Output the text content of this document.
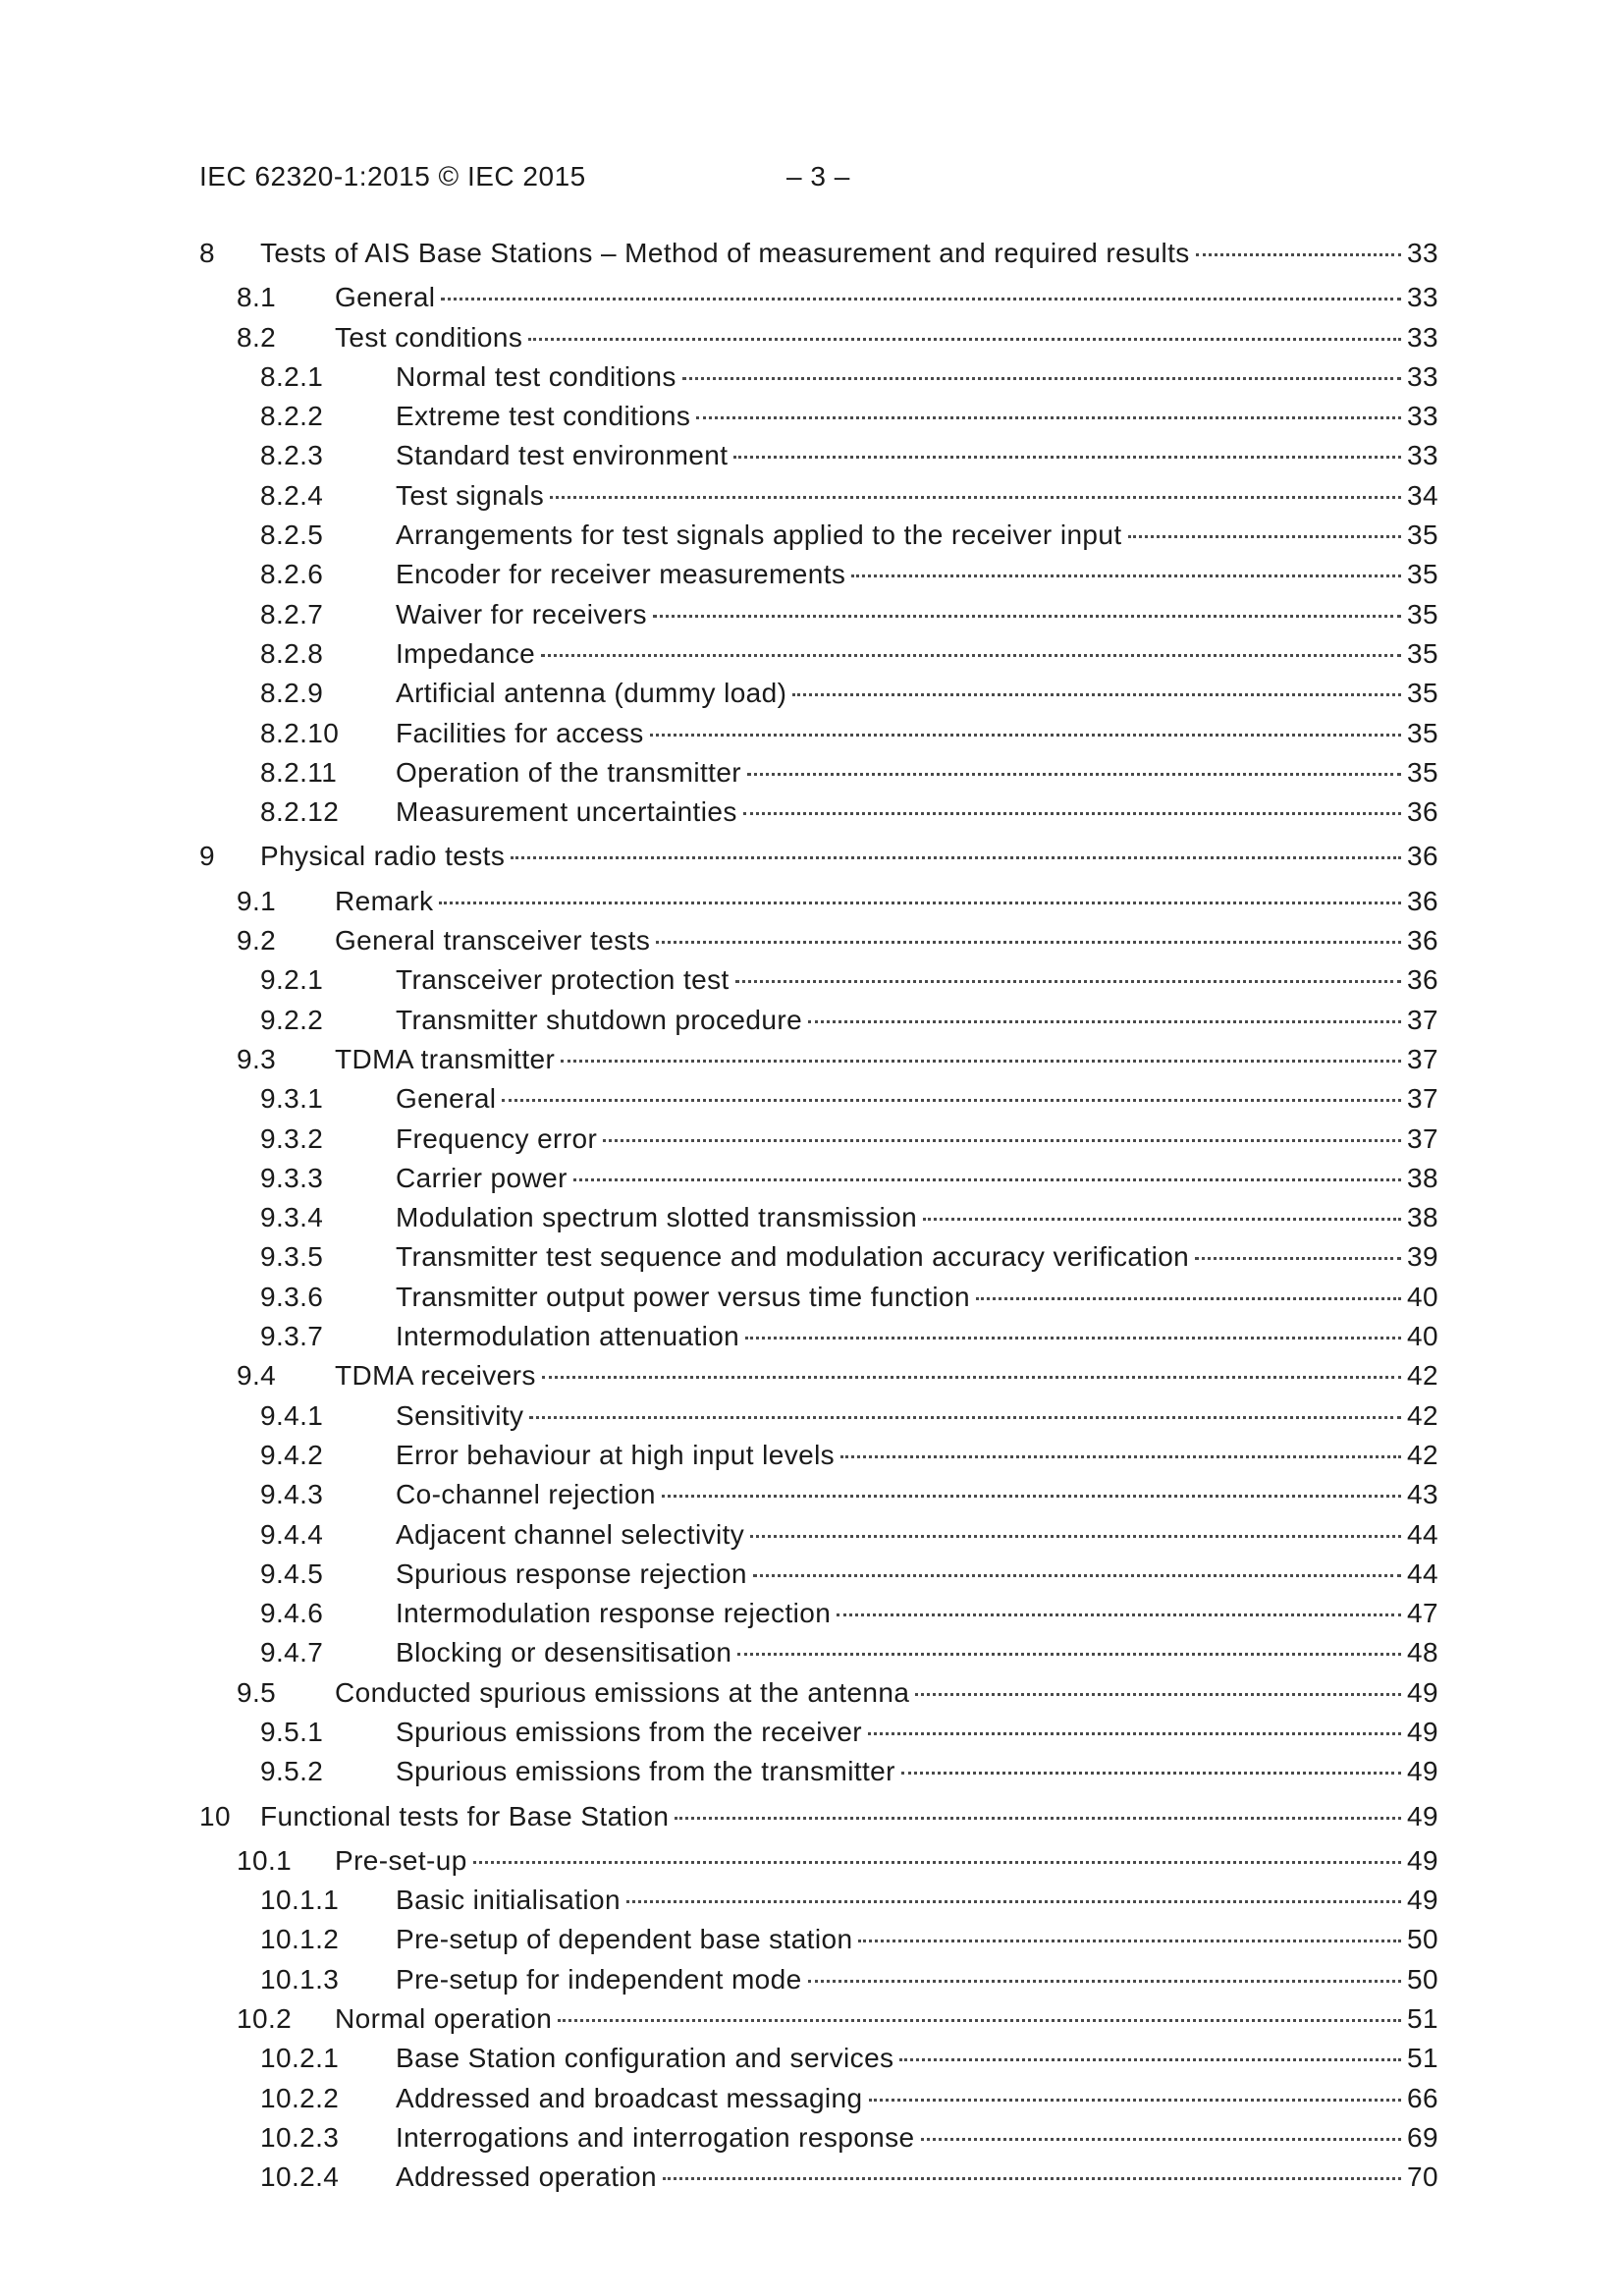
IEC 62320-1:2015 © IEC 2015	– 3 –
8 Tests of AIS Base Stations – Method of measurement and required results	33
8.1 General	33
8.2 Test conditions	33
8.2.1	Normal test conditions	33
8.2.2	Extreme test conditions	33
8.2.3	Standard test environment	33
8.2.4	Test signals	34
8.2.5	Arrangements for test signals applied to the receiver input	35
8.2.6	Encoder for receiver measurements	35
8.2.7	Waiver for receivers	35
8.2.8	Impedance	35
8.2.9	Artificial antenna (dummy load)	35
8.2.10 Facilities for access	35
8.2.11 Operation of the transmitter	35
8.2.12 Measurement uncertainties	36
9 Physical radio tests	36
9.1 Remark	36
9.2 General transceiver tests	36
9.2.1	Transceiver protection test	36
9.2.2	Transmitter shutdown procedure	37
9.3 TDMA transmitter	37
9.3.1	General	37
9.3.2	Frequency error	37
9.3.3	Carrier power	38
9.3.4	Modulation spectrum slotted transmission	38
9.3.5	Transmitter test sequence and modulation accuracy verification	39
9.3.6	Transmitter output power versus time function	40
9.3.7	Intermodulation attenuation	40
9.4 TDMA receivers	42
9.4.1	Sensitivity	42
9.4.2	Error behaviour at high input levels	42
9.4.3	Co-channel rejection	43
9.4.4	Adjacent channel selectivity	44
9.4.5	Spurious response rejection	44
9.4.6	Intermodulation response rejection	47
9.4.7	Blocking or desensitisation	48
9.5 Conducted spurious emissions at the antenna	49
9.5.1	Spurious emissions from the receiver	49
9.5.2	Spurious emissions from the transmitter	49
10 Functional tests for Base Station	49
10.1 Pre-set-up	49
10.1.1 Basic initialisation	49
10.1.2 Pre-setup of dependent base station	50
10.1.3 Pre-setup for independent mode	50
10.2 Normal operation	51
10.2.1 Base Station configuration and services	51
10.2.2 Addressed and broadcast messaging	66
10.2.3 Interrogations and interrogation response	69
10.2.4 Addressed operation	70
